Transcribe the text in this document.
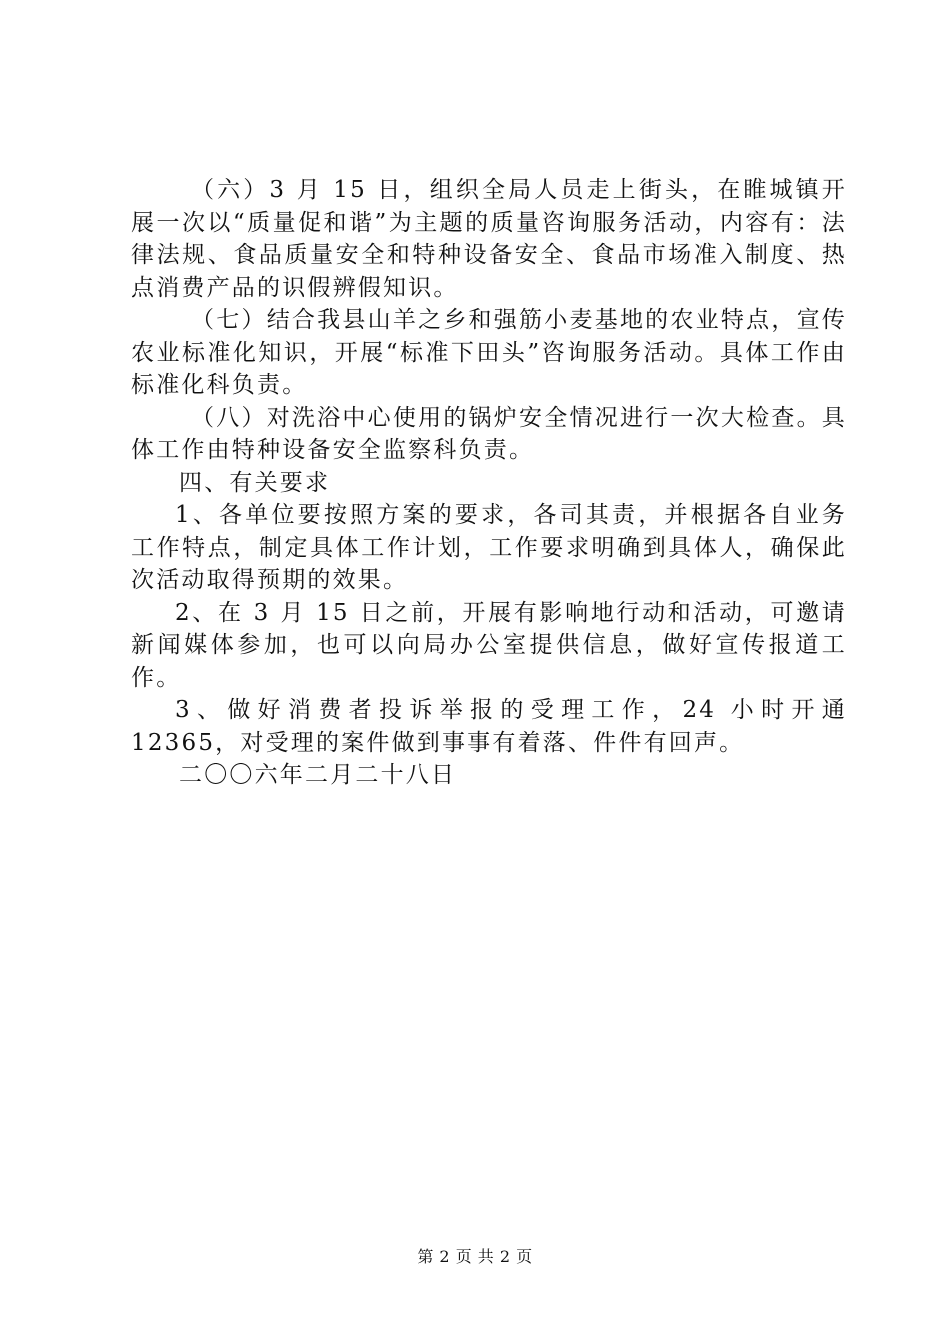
（六）3 月 15 日，组织全局人员走上街头，在睢城镇开展一次以“质量促和谐”为主题的质量咨询服务活动，内容有：法律法规、食品质量安全和特种设备安全、食品市场准入制度、热点消费产品的识假辨假知识。

（七）结合我县山羊之乡和强筋小麦基地的农业特点，宣传农业标准化知识，开展“标准下田头”咨询服务活动。具体工作由标准化科负责。

（八）对洗浴中心使用的锅炉安全情况进行一次大检查。具体工作由特种设备安全监察科负责。

四、有关要求

1、各单位要按照方案的要求，各司其责，并根据各自业务工作特点，制定具体工作计划，工作要求明确到具体人，确保此次活动取得预期的效果。

2、在 3 月 15 日之前，开展有影响地行动和活动，可邀请新闻媒体参加，也可以向局办公室提供信息，做好宣传报道工作。

3、做好消费者投诉举报的受理工作，24 小时开通 12365，对受理的案件做到事事有着落、件件有回声。

二〇〇六年二月二十八日

第 2 页 共 2 页
